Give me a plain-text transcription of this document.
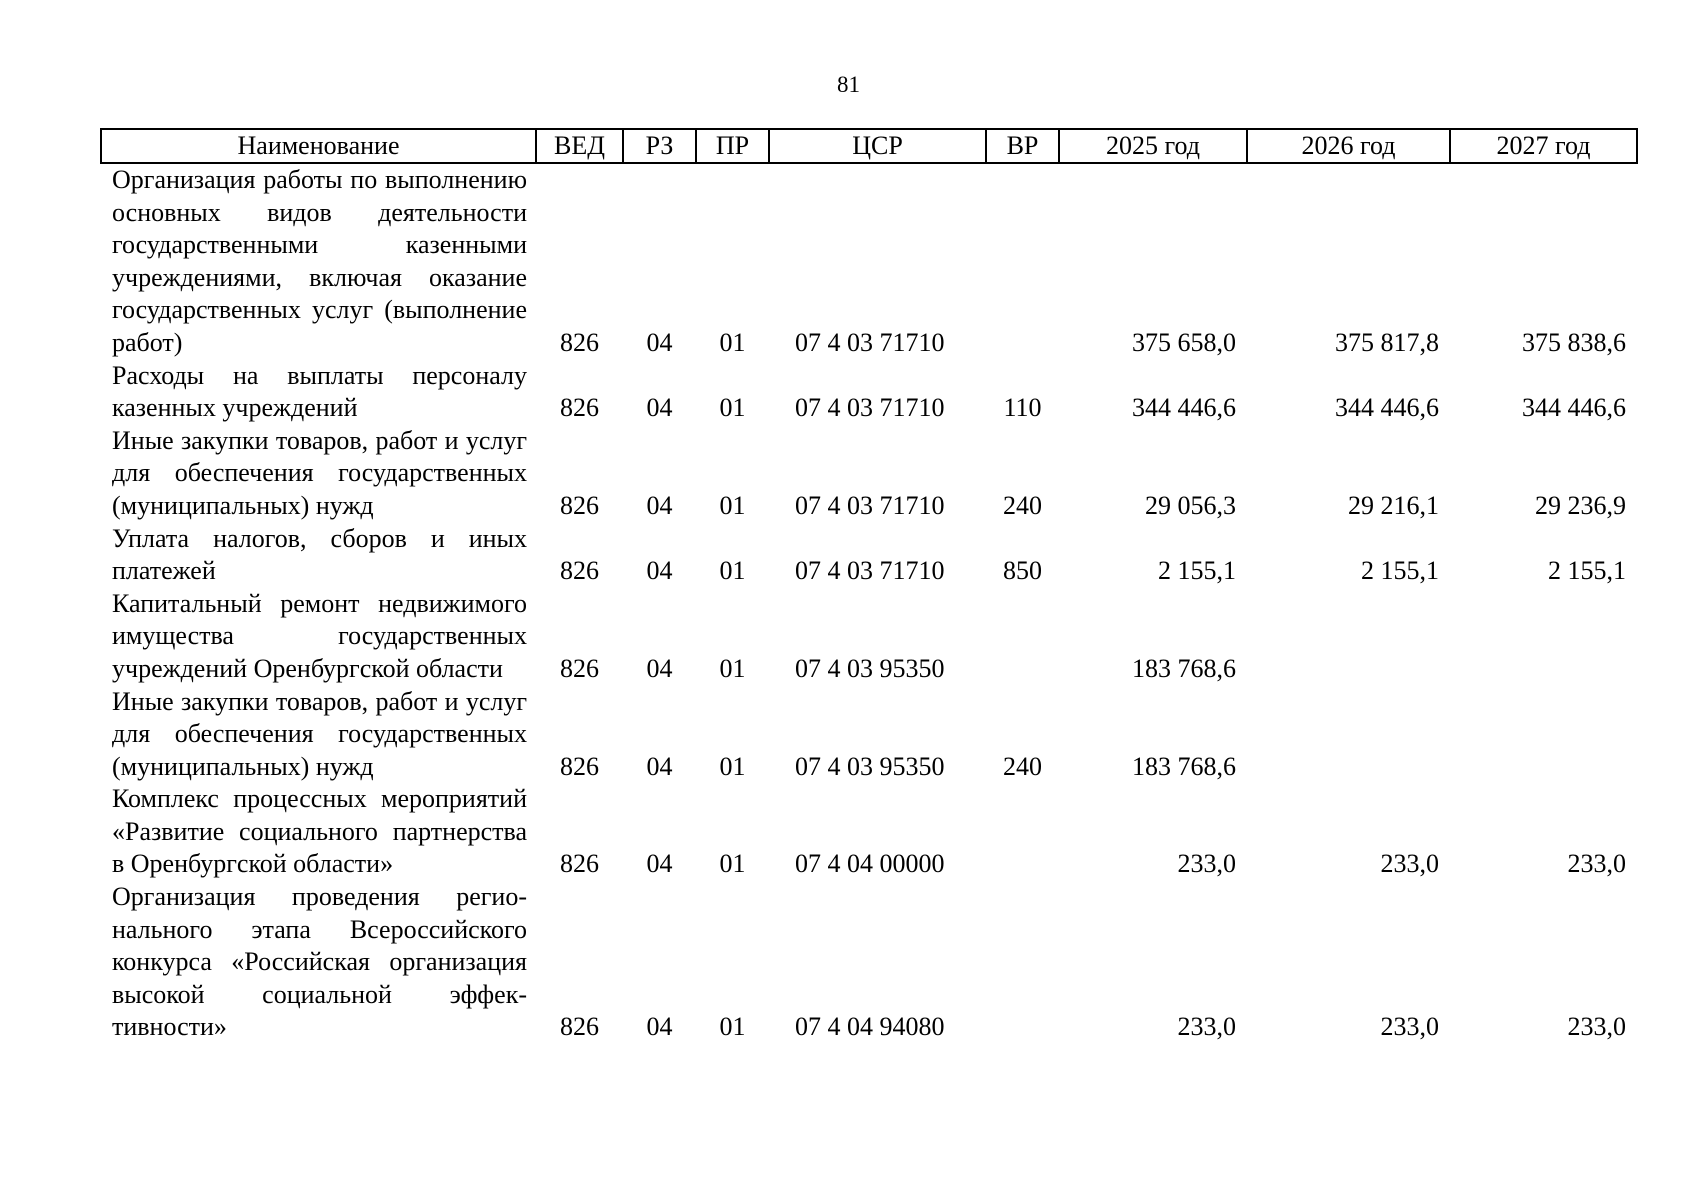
81
Наименование	ВЕД	РЗ	ПР	ЦСР	ВР	2025 год	2026 год	2027 год
Организация работы по выполнению основных видов деятельности государственными казенными учреждениями, включая оказание государственных услуг (выполнение работ)	826	04	01	07 4 03 71710		375 658,0	375 817,8	375 838,6
Расходы на выплаты персоналу казенных учреждений	826	04	01	07 4 03 71710	110	344 446,6	344 446,6	344 446,6
Иные закупки товаров, работ и услуг для обеспечения государственных (муниципальных) нужд	826	04	01	07 4 03 71710	240	29 056,3	29 216,1	29 236,9
Уплата налогов, сборов и иных платежей	826	04	01	07 4 03 71710	850	2 155,1	2 155,1	2 155,1
Капитальный ремонт недвижимого имущества государственных учреждений Оренбургской области	826	04	01	07 4 03 95350		183 768,6		
Иные закупки товаров, работ и услуг для обеспечения государственных (муниципальных) нужд	826	04	01	07 4 03 95350	240	183 768,6		
Комплекс процессных мероприятий «Развитие социального партнерства в Оренбургской области»	826	04	01	07 4 04 00000		233,0	233,0	233,0
Организация проведения регионального этапа Всероссийского конкурса «Российская организация высокой социальной эффективности»	826	04	01	07 4 04 94080		233,0	233,0	233,0
